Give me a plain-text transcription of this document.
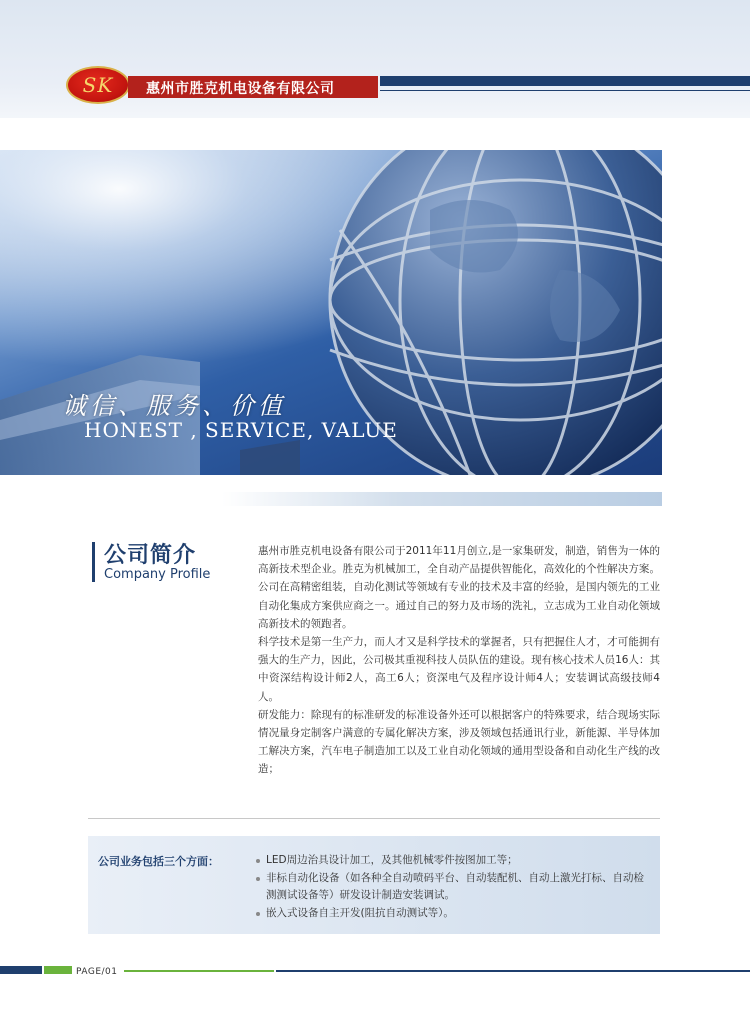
SK 惠州市胜克机电设备有限公司
诚信、服务、价值
HONEST , SERVICE, VALUE
公司简介
Company Profile

惠州市胜克机电设备有限公司于2011年11月创立,是一家集研发，制造，销售为一体的高新技术型企业。胜克为机械加工，全自动产品提供智能化，高效化的个性解决方案。公司在高精密组装，自动化测试等领域有专业的技术及丰富的经验，是国内领先的工业自动化集成方案供应商之一。通过自己的努力及市场的洗礼，立志成为工业自动化领域高新技术的领跑者。

科学技术是第一生产力，而人才又是科学技术的掌握者，只有把握住人才，才可能拥有强大的生产力，因此，公司极其重视科技人员队伍的建设。现有核心技术人员16人：其中资深结构设计师2人，高工6人；资深电气及程序设计师4人；安装调试高级技师4人。

研发能力：除现有的标准研发的标准设备外还可以根据客户的特殊要求，结合现场实际情况量身定制客户满意的专属化解决方案，涉及领域包括通讯行业，新能源、半导体加工解决方案，汽车电子制造加工以及工业自动化领域的通用型设备和自动化生产线的改造；

公司业务包括三个方面：	LED周边治具设计加工，及其他机械零件按图加工等；
非标自动化设备（如各种全自动喷码平台、自动装配机、自动上激光打标、自动检测测试设备等）研发设计制造安装调试。
嵌入式设备自主开发(阻抗自动测试等）。
PAGE/01
